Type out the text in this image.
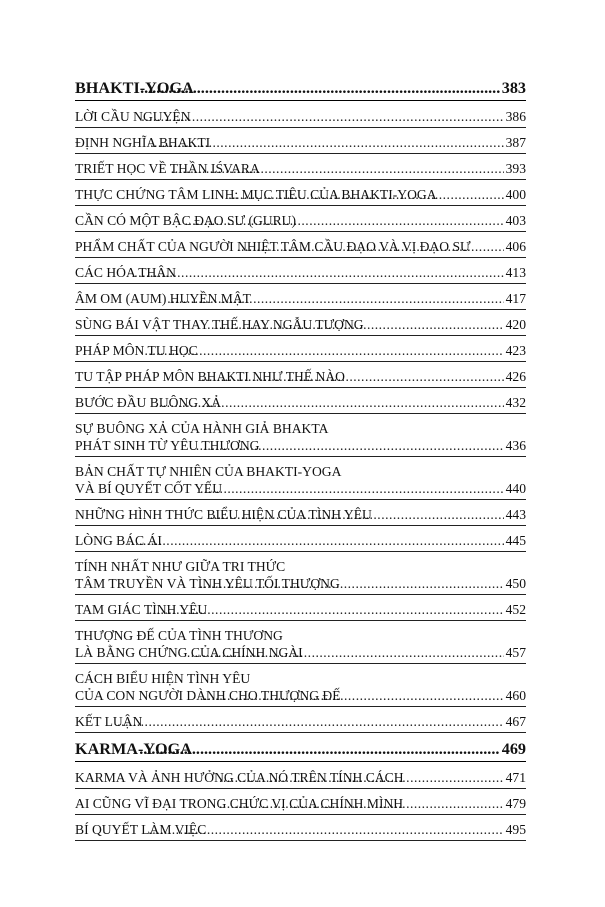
BHAKTI-YOGA .....	383
LỜI CẦU NGUYỆN .....	386
ĐỊNH NGHĨA BHAKTI .....	387
TRIẾT HỌC VỀ THẦN IŚVARA .....	393
THỰC CHỨNG TÂM LINH: MỤC TIÊU CỦA BHAKTI-YOGA .....	400
CẦN CÓ MỘT BẬC ĐẠO SƯ (GURU) .....	403
PHẨM CHẤT CỦA NGƯỜI NHIỆT TÂM CẦU ĐẠO VÀ VỊ ĐẠO SƯ .....	406
CÁC HÓA THÂN .....	413
ÂM OM (AUM) HUYỀN MẬT .....	417
SÙNG BÁI VẬT THAY THẾ HAY NGẪU TƯỢNG .....	420
PHÁP MÔN TU HỌC .....	423
TU TẬP PHÁP MÔN BHAKTI NHƯ THẾ NÀO .....	426
BƯỚC ĐẦU BUÔNG XẢ .....	432
SỰ BUÔNG XẢ CỦA HÀNH GIẢ BHAKTA
PHÁT SINH TỪ YÊU THƯƠNG .....	436
BẢN CHẤT TỰ NHIÊN CỦA BHAKTI-YOGA
VÀ BÍ QUYẾT CỐT YẾU .....	440
NHỮNG HÌNH THỨC BIỂU HIỆN CỦA TÌNH YÊU .....	443
LÒNG BÁC ÁI .....	445
TÍNH NHẤT NHƯ GIỮA TRI THỨC
TÂM TRUYỀN VÀ TÌNH YÊU TỐI THƯỢNG .....	450
TAM GIÁC TÌNH YÊU .....	452
THƯỢNG ĐẾ CỦA TÌNH THƯƠNG
LÀ BẰNG CHỨNG CỦA CHÍNH NGÀI .....	457
CÁCH BIỂU HIỆN TÌNH YÊU
CỦA CON NGƯỜI DÀNH CHO THƯỢNG ĐẾ .....	460
KẾT LUẬN .....	467
KARMA-YOGA .....	469
KARMA VÀ ẢNH HƯỞNG CỦA NÓ TRÊN TÍNH CÁCH .....	471
AI CŨNG VĨ ĐẠI TRONG CHỨC VỊ CỦA CHÍNH MÌNH .....	479
BÍ QUYẾT LÀM VIỆC .....	495
